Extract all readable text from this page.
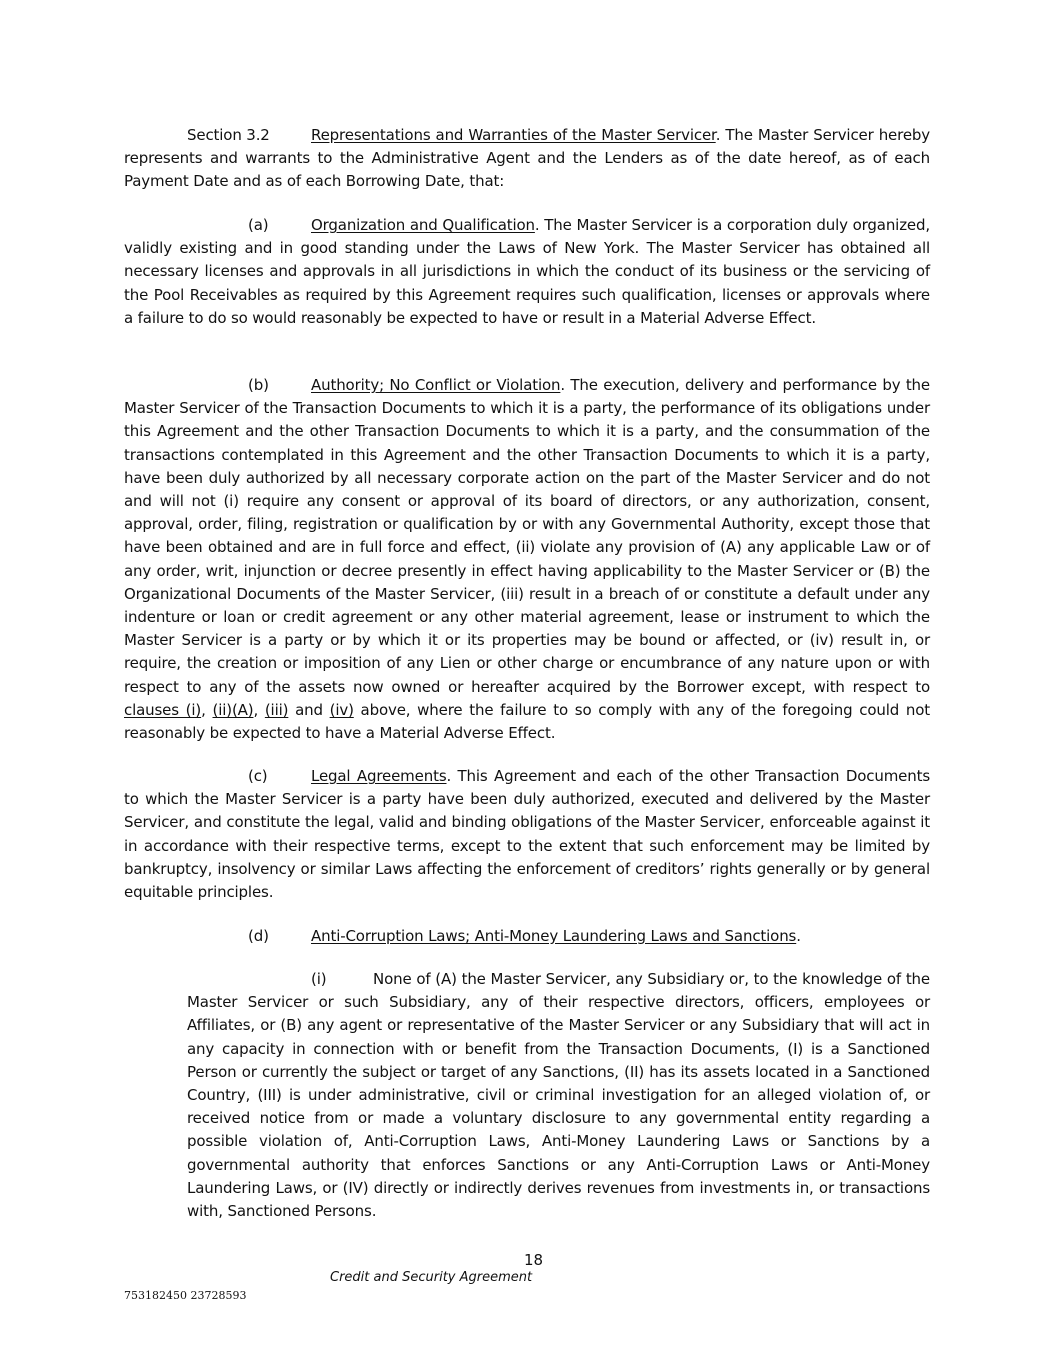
Section 3.2	Representations and Warranties of the Master Servicer. The Master Servicer hereby represents and warrants to the Administrative Agent and the Lenders as of the date hereof, as of each Payment Date and as of each Borrowing Date, that:

(a)	Organization and Qualification. The Master Servicer is a corporation duly organized, validly existing and in good standing under the Laws of New York. The Master Servicer has obtained all necessary licenses and approvals in all jurisdictions in which the conduct of its business or the servicing of the Pool Receivables as required by this Agreement requires such qualification, licenses or approvals where a failure to do so would reasonably be expected to have or result in a Material Adverse Effect.

(b)	Authority; No Conflict or Violation. The execution, delivery and performance by the Master Servicer of the Transaction Documents to which it is a party, the performance of its obligations under this Agreement and the other Transaction Documents to which it is a party, and the consummation of the transactions contemplated in this Agreement and the other Transaction Documents to which it is a party, have been duly authorized by all necessary corporate action on the part of the Master Servicer and do not and will not (i) require any consent or approval of its board of directors, or any authorization, consent, approval, order, filing, registration or qualification by or with any Governmental Authority, except those that have been obtained and are in full force and effect, (ii) violate any provision of (A) any applicable Law or of any order, writ, injunction or decree presently in effect having applicability to the Master Servicer or (B) the Organizational Documents of the Master Servicer, (iii) result in a breach of or constitute a default under any indenture or loan or credit agreement or any other material agreement, lease or instrument to which the Master Servicer is a party or by which it or its properties may be bound or affected, or (iv) result in, or require, the creation or imposition of any Lien or other charge or encumbrance of any nature upon or with respect to any of the assets now owned or hereafter acquired by the Borrower except, with respect to clauses (i), (ii)(A), (iii) and (iv) above, where the failure to so comply with any of the foregoing could not reasonably be expected to have a Material Adverse Effect.

(c)	Legal Agreements. This Agreement and each of the other Transaction Documents to which the Master Servicer is a party have been duly authorized, executed and delivered by the Master Servicer, and constitute the legal, valid and binding obligations of the Master Servicer, enforceable against it in accordance with their respective terms, except to the extent that such enforcement may be limited by bankruptcy, insolvency or similar Laws affecting the enforcement of creditors’ rights generally or by general equitable principles.

(d)	Anti-Corruption Laws; Anti-Money Laundering Laws and Sanctions.

(i)	None of (A) the Master Servicer, any Subsidiary or, to the knowledge of the Master Servicer or such Subsidiary, any of their respective directors, officers, employees or Affiliates, or (B) any agent or representative of the Master Servicer or any Subsidiary that will act in any capacity in connection with or benefit from the Transaction Documents, (I) is a Sanctioned Person or currently the subject or target of any Sanctions, (II) has its assets located in a Sanctioned Country, (III) is under administrative, civil or criminal investigation for an alleged violation of, or received notice from or made a voluntary disclosure to any governmental entity regarding a possible violation of, Anti-Corruption Laws, Anti-Money Laundering Laws or Sanctions by a governmental authority that enforces Sanctions or any Anti-Corruption Laws or Anti-Money Laundering Laws, or (IV) directly or indirectly derives revenues from investments in, or transactions with, Sanctioned Persons.

18
Credit and Security Agreement
753182450 23728593
